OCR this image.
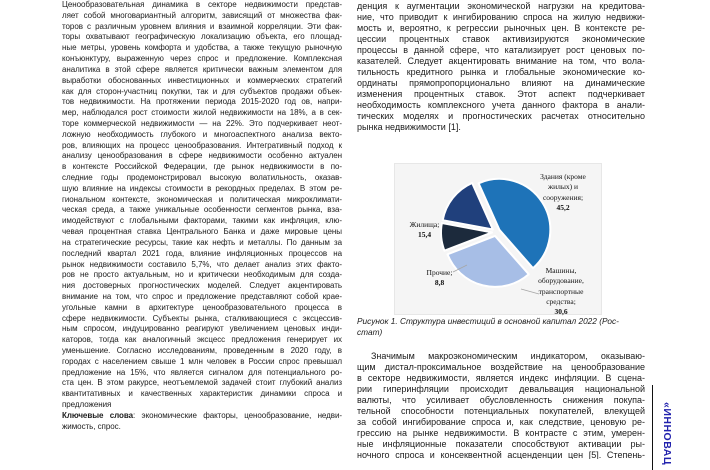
Ценообразовательная динамика в секторе недвижимости представ-
ляет собой многовариантный алгоритм, зависящий от множества фак-
торов с различным уровнем влияния и взаимной корреляции. Эти фак-
торы охватывают географическую локализацию объекта, его площад-
ные метры, уровень комфорта и удобства, а также текущую рыночную
конъюнктуру, выраженную через спрос и предложение. Комплексная
аналитика в этой сфере является критически важным элементом для
выработки обоснованных инвестиционных и коммерческих стратегий
как для сторон-участниц покупки, так и для субъектов продажи объек-
тов недвижимости. На протяжении периода 2015-2020 год ов, напри-
мер, наблюдался рост стоимости жилой недвижимости на 18%, а в сек-
торе коммерческой недвижимости — на 22%. Это подчеркивает неот-
ложную необходимость глубокого и многоаспектного анализа векто-
ров, влияющих на процесс ценообразования. Интегративный подход к
анализу ценообразования в сфере недвижимости особенно актуален
в контексте Российской Федерации, где рынок недвижимости в по-
следние годы продемонстрировал высокую волатильность, оказав-
шую влияние на индексы стоимости в рекордных пределах. В этом ре-
гиональном контексте, экономическая и политическая микроклимати-
ческая среда, а также уникальные особенности сегментов рынка, вза-
имодействуют с глобальными факторами, такими как инфляция, клю-
чевая процентная ставка Центрального Банка и даже мировые цены
на стратегические ресурсы, такие как нефть и металлы. По данным за
последний квартал 2021 года, влияние инфляционных процессов на
рынок недвижимости составило 5,7%, что делает анализ этих факто-
ров не просто актуальным, но и критически необходимым для созда-
ния достоверных прогностических моделей. Следует акцентировать
внимание на том, что спрос и предложение представляют собой крае-
угольные камни в архитектуре ценообразовательного процесса в
сфере недвижимости. Субъекты рынка, сталкивающиеся с эксцессив-
ным спросом, индуцированно реагируют увеличением ценовых инди-
каторов, тогда как аналогичный эксцесс предложения генерирует их
уменьшение. Согласно исследованиям, проведенным в 2020 году, в
городах с населением свыше 1 млн человек в России спрос превышал
предложение на 15%, что является сигналом для потенциального ро-
ста цен. В этом ракурсе, неотъемлемой задачей стоит глубокий анализ
квантитативных и качественных характеристик динамики спроса и
предложения
Ключевые слова: экономические факторы, ценообразование, недви-
жимость, спрос.
денция к аугментации экономической нагрузки на кредитова-
ние, что приводит к ингибированию спроса на жилую недвижи-
мость и, вероятно, к регрессии рыночных цен. В контексте ре-
цессии процентных ставок активизируются экономические
процессы в данной сфере, что катализирует рост ценовых по-
казателей. Следует акцентировать внимание на том, что вола-
тильность кредитного рынка и глобальные экономические ко-
ординаты прямопропорционально влияют на динамические
изменения процентных ставок. Этот аспект подчеркивает
необходимость комплексного учета данного фактора в анали-
тических моделях и прогностических расчетах относительно
рынка недвижимости [1].
Здания (кроме
жилых) и
сооружения;
45,2
Машины,
оборудование,
транспортные
средства;
30,6
Прочие;
8,8
Жилища;
15,4
Рисунок 1. Структура инвестиций в основной капитал 2022 (Рос-
стат)
Значимым макроэкономическим индикатором, оказываю-
щим дистал-проксимальное воздействие на ценообразование
в секторе недвижимости, является индекс инфляции. В сцена-
рии гиперинфляции происходит девальвация национальной
валюты, что усиливает обусловленность снижения покупа-
тельной способности потенциальных покупателей, влекущей
за собой ингибирование спроса и, как следствие, ценовую ре-
грессию на рынке недвижимости. В контрасте с этим, умерен-
ные инфляционные показатели способствуют активации ры-
ночного спроса и консеквентной асценденции цен [5]. Степень- «ИННОВАЦ
